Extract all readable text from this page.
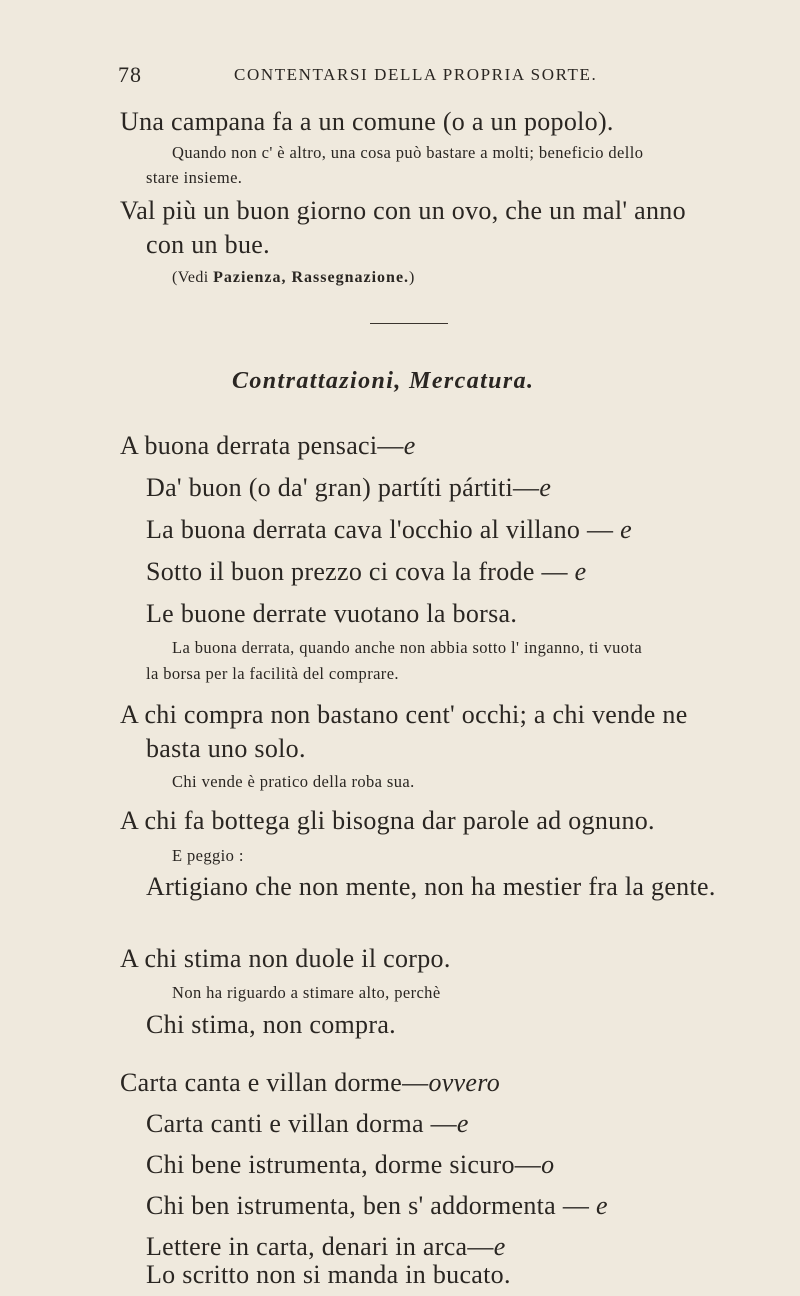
78	CONTENTARSI DELLA PROPRIA SORTE.
Una campana fa a un comune (o a un popolo).
Quando non c' è altro, una cosa può bastare a molti; beneficio dello
stare insieme.
Val più un buon giorno con un ovo, che un mal' anno
con un bue.
(Vedi Pazienza, Rassegnazione.)
Contrattazioni, Mercatura.
A buona derrata pensaci—e
Da' buon (o da' gran) partíti pártiti—e
La buona derrata cava l'occhio al villano — e
Sotto il buon prezzo ci cova la frode — e
Le buone derrate vuotano la borsa.
La buona derrata, quando anche non abbia sotto l' inganno, ti vuota
la borsa per la facilità del comprare.
A chi compra non bastano cent' occhi; a chi vende ne
basta uno solo.
Chi vende è pratico della roba sua.
A chi fa bottega gli bisogna dar parole ad ognuno.
E peggio :
Artigiano che non mente, non ha mestier fra la gente.
A chi stima non duole il corpo.
Non ha riguardo a stimare alto, perchè
Chi stima, non compra.
Carta canta e villan dorme—ovvero
Carta canti e villan dorma —e
Chi bene istrumenta, dorme sicuro—o
Chi ben istrumenta, ben s' addormenta — e
Lettere in carta, denari in arca—e
Lo scritto non si manda in bucato.
